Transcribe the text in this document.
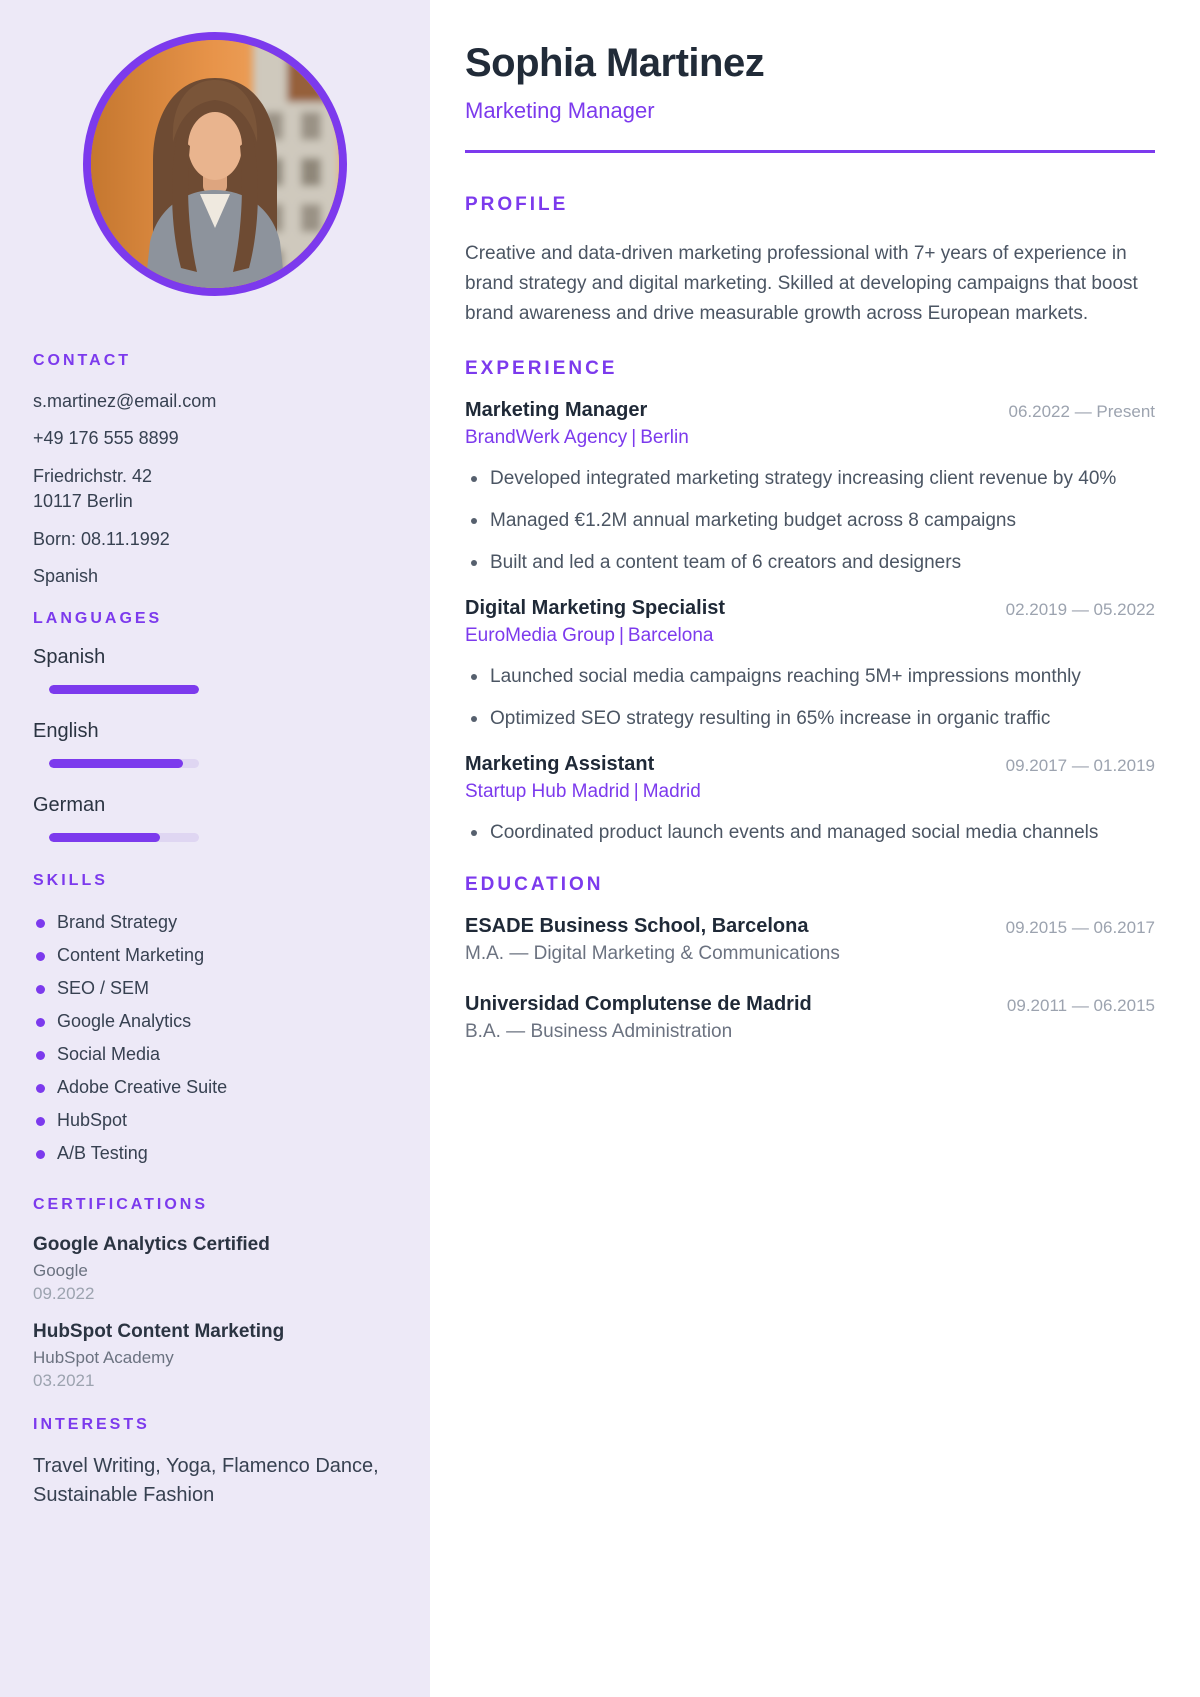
CONTACT
s.martinez@email.com
+49 176 555 8899
Friedrichstr. 42
10117 Berlin
Born: 08.11.1992
Spanish
LANGUAGES
Spanish
English
German
SKILLS
Brand Strategy
Content Marketing
SEO / SEM
Google Analytics
Social Media
Adobe Creative Suite
HubSpot
A/B Testing
CERTIFICATIONS
Google Analytics Certified
Google
09.2022
HubSpot Content Marketing
HubSpot Academy
03.2021
INTERESTS
Travel Writing, Yoga, Flamenco Dance, Sustainable Fashion
Sophia Martinez
Marketing Manager
PROFILE

Creative and data-driven marketing professional with 7+ years of experience in brand strategy and digital marketing. Skilled at developing campaigns that boost brand awareness and drive measurable growth across European markets.

EXPERIENCE
Marketing Manager
BrandWerk Agency | Berlin
06.2022 — Present
Developed integrated marketing strategy increasing client revenue by 40%
Managed €1.2M annual marketing budget across 8 campaigns
Built and led a content team of 6 creators and designers
Digital Marketing Specialist
EuroMedia Group | Barcelona
02.2019 — 05.2022
Launched social media campaigns reaching 5M+ impressions monthly
Optimized SEO strategy resulting in 65% increase in organic traffic
Marketing Assistant
Startup Hub Madrid | Madrid
09.2017 — 01.2019
Coordinated product launch events and managed social media channels
EDUCATION
ESADE Business School, Barcelona
M.A. — Digital Marketing & Communications
09.2015 — 06.2017
Universidad Complutense de Madrid
B.A. — Business Administration
09.2011 — 06.2015
